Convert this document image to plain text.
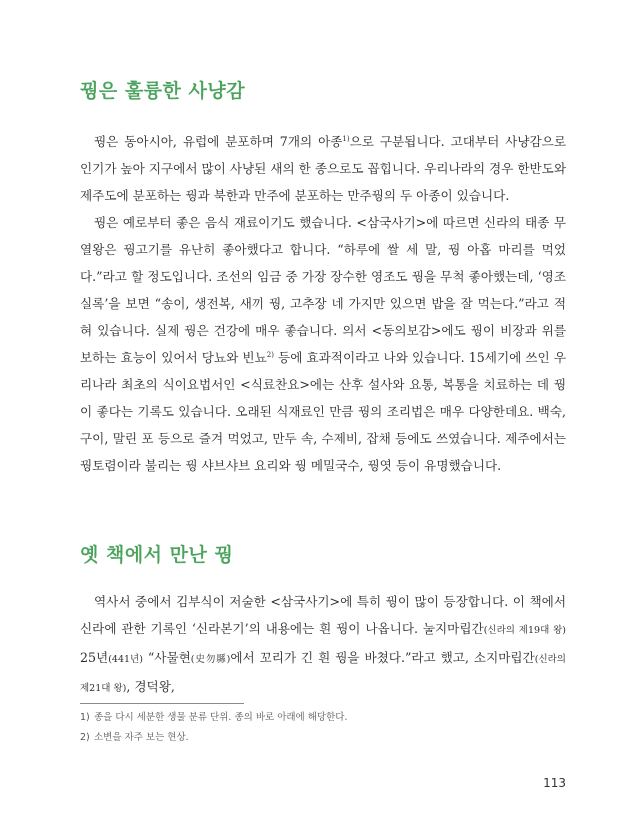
꿩은 훌륭한 사냥감

꿩은 동아시아, 유럽에 분포하며 7개의 아종$^{1)}$으로 구분됩니다. 고대부터 사냥감으로 인기가 높아 지구에서 많이 사냥된 새의 한 종으로도 꼽힙니다. 우리나라의 경우 한반도와 제주도에 분포하는 꿩과 북한과 만주에 분포하는 만주꿩의 두 아종이 있습니다.

꿩은 예로부터 좋은 음식 재료이기도 했습니다. <삼국사기>에 따르면 신라의 태종 무열왕은 꿩고기를 유난히 좋아했다고 합니다. “하루에 쌀 세 말, 꿩 아홉 마리를 먹었다.”라고 할 정도입니다. 조선의 임금 중 가장 장수한 영조도 꿩을 무척 좋아했는데, ‘영조실록’을 보면 “송이, 생전복, 새끼 꿩, 고추장 네 가지만 있으면 밥을 잘 먹는다.”라고 적혀 있습니다. 실제 꿩은 건강에 매우 좋습니다. 의서 <동의보감>에도 꿩이 비장과 위를 보하는 효능이 있어서 당뇨와 빈뇨$^{2)}$ 등에 효과적이라고 나와 있습니다. 15세기에 쓰인 우리나라 최초의 식이요법서인 <식료찬요>에는 산후 설사와 요통, 복통을 치료하는 데 꿩이 좋다는 기록도 있습니다. 오래된 식재료인 만큼 꿩의 조리법은 매우 다양한데요. 백숙, 구이, 말린 포 등으로 즐겨 먹었고, 만두 속, 수제비, 잡채 등에도 쓰였습니다. 제주에서는 꿩토렴이라 불리는 꿩 샤브샤브 요리와 꿩 메밀국수, 꿩엿 등이 유명했습니다.

옛 책에서 만난 꿩

역사서 중에서 김부식이 저술한 <삼국사기>에 특히 꿩이 많이 등장합니다. 이 책에서 신라에 관한 기록인 ‘신라본기’의 내용에는 흰 꿩이 나옵니다. 눌지마립간(신라의 제19대 왕) 25년(441년) “사물현(史勿縣)에서 꼬리가 긴 흰 꿩을 바쳤다.”라고 했고, 소지마립간(신라의 제21대 왕), 경덕왕,

1) 종을 다시 세분한 생물 분류 단위. 종의 바로 아래에 해당한다.

2) 소변을 자주 보는 현상.

113
